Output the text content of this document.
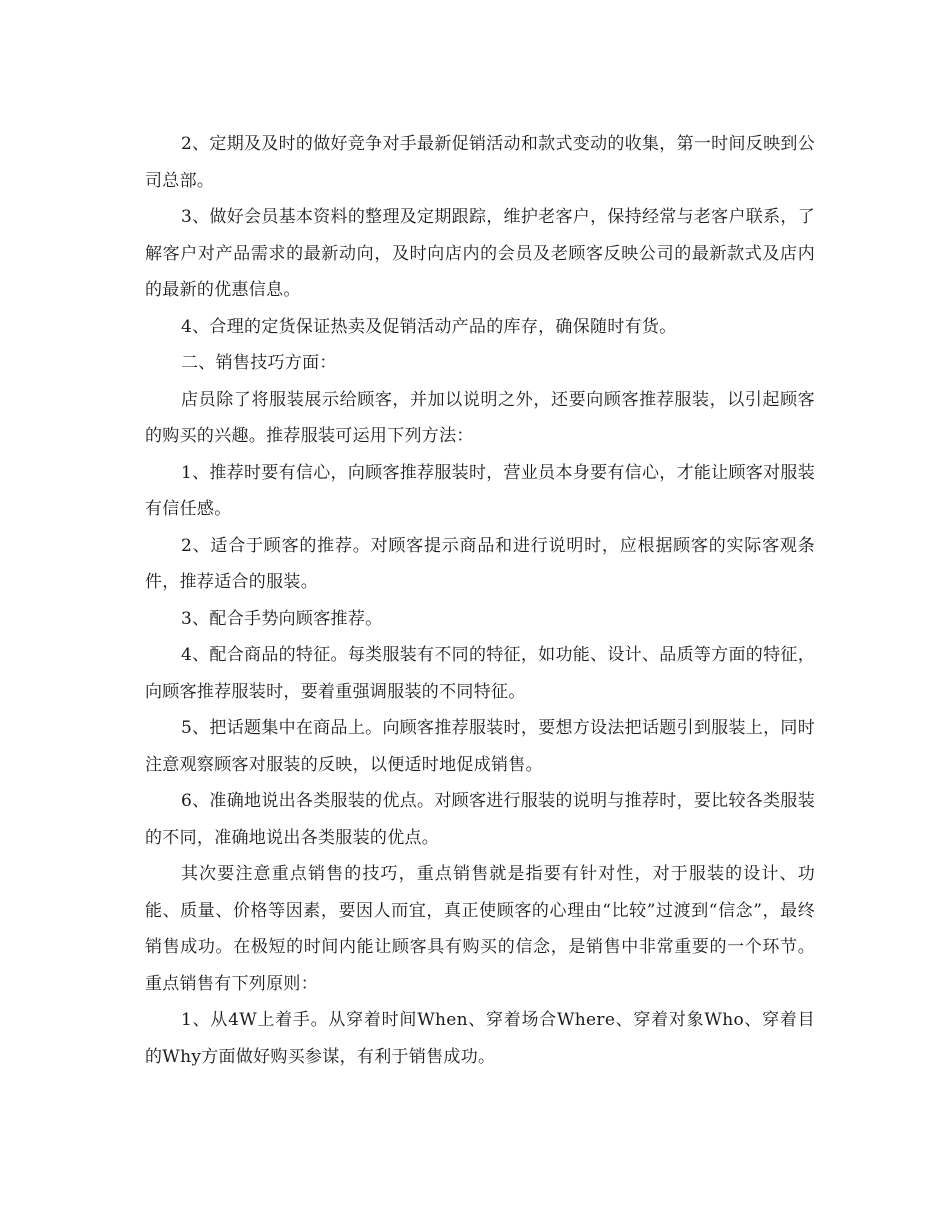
2、定期及及时的做好竞争对手最新促销活动和款式变动的收集，第一时间反映到公司总部。

3、做好会员基本资料的整理及定期跟踪，维护老客户，保持经常与老客户联系，了解客户对产品需求的最新动向，及时向店内的会员及老顾客反映公司的最新款式及店内的最新的优惠信息。

4、合理的定货保证热卖及促销活动产品的库存，确保随时有货。

二、销售技巧方面：

店员除了将服装展示给顾客，并加以说明之外，还要向顾客推荐服装，以引起顾客的购买的兴趣。推荐服装可运用下列方法：

1、推荐时要有信心，向顾客推荐服装时，营业员本身要有信心，才能让顾客对服装有信任感。

2、适合于顾客的推荐。对顾客提示商品和进行说明时，应根据顾客的实际客观条件，推荐适合的服装。

3、配合手势向顾客推荐。

4、配合商品的特征。每类服装有不同的特征，如功能、设计、品质等方面的特征，向顾客推荐服装时，要着重强调服装的不同特征。

5、把话题集中在商品上。向顾客推荐服装时，要想方设法把话题引到服装上，同时注意观察顾客对服装的反映，以便适时地促成销售。

6、准确地说出各类服装的优点。对顾客进行服装的说明与推荐时，要比较各类服装的不同，准确地说出各类服装的优点。

其次要注意重点销售的技巧，重点销售就是指要有针对性，对于服装的设计、功能、质量、价格等因素，要因人而宜，真正使顾客的心理由“比较”过渡到“信念”，最终销售成功。在极短的时间内能让顾客具有购买的信念，是销售中非常重要的一个环节。重点销售有下列原则：

1、从4W上着手。从穿着时间When、穿着场合Where、穿着对象Who、穿着目的Why方面做好购买参谋，有利于销售成功。
